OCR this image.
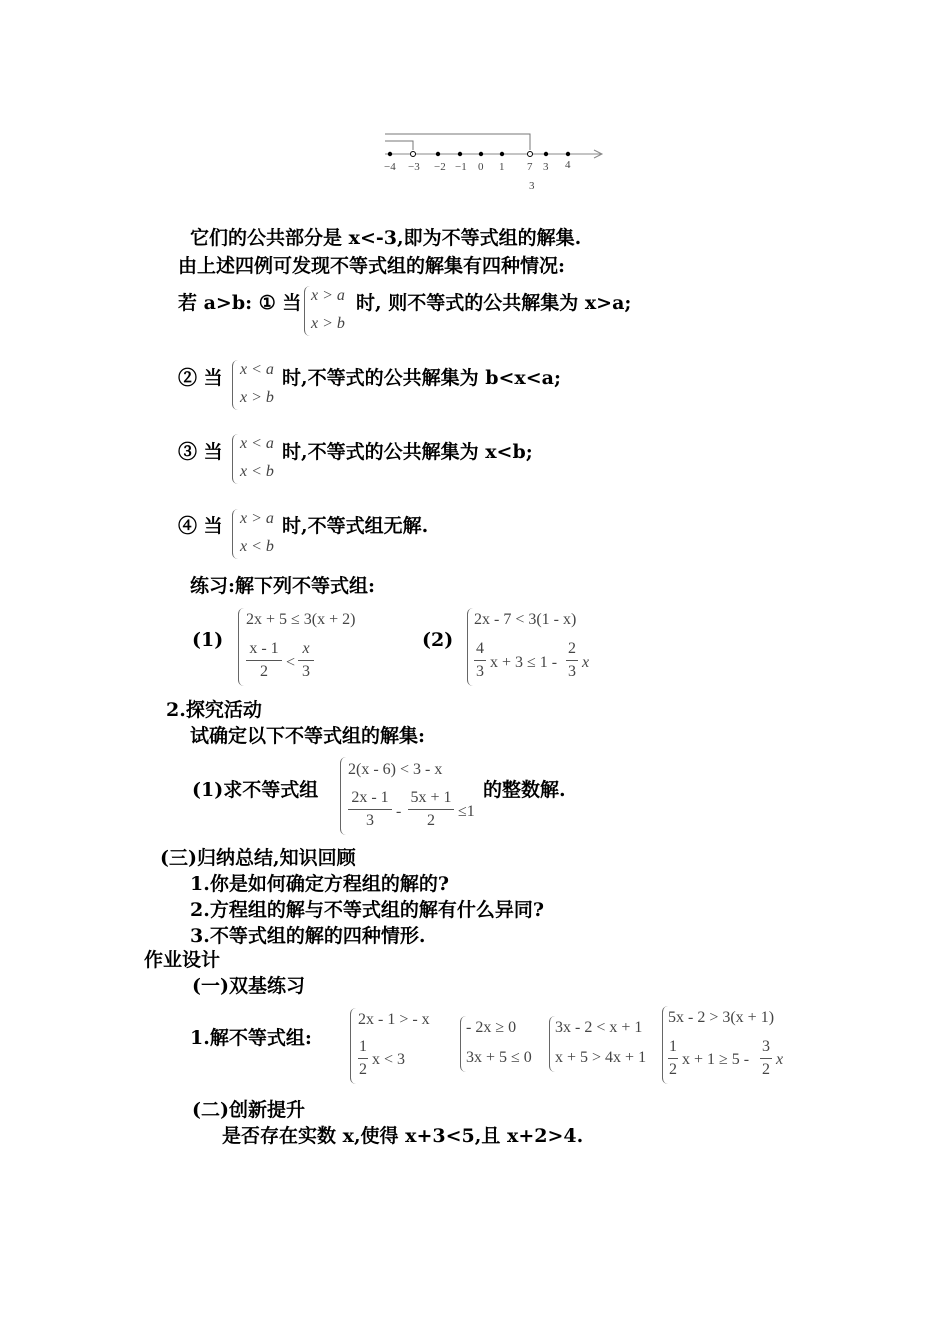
−4 −3 −2 −1 0 1 7 3 4
3
它们的公共部分是 x<-3,即为不等式组的解集.
由上述四例可发现不等式组的解集有四种情况:
若 a>b: ① 当 x > a
x > b
时, 则不等式的公共解集为 x>a;
② 当 x < a
x > b
时,不等式的公共解集为 b<x<a;
③ 当 x < a
x < b
时,不等式的公共解集为 x<b;
④ 当 x > a
x < b
时,不等式组无解.
练习:解下列不等式组:
(1)
2x + 5 ≤ 3(x + 2)
x - 1
2
<
x
3
(2)
2x - 7 < 3(1 - x)
4
3
x + 3 ≤ 1 -
2
3
x
2.探究活动
试确定以下不等式组的解集:
(1)求不等式组
2(x - 6) < 3 - x
2x - 1
3
-
5x + 1
2
≤1
的整数解.
(三)归纳总结,知识回顾
1.你是如何确定方程组的解的?
2.方程组的解与不等式组的解有什么异同?
3.不等式组的解的四种情形.
作业设计
(一)双基练习
1.解不等式组:
2x - 1 > - x
1
2
x < 3
- 2x ≥ 0
3x + 5 ≤ 0
3x - 2 < x + 1
x + 5 > 4x + 1
5x - 2 > 3(x + 1)
1
2
x + 1 ≥ 5 -
3
2
x
(二)创新提升
是否存在实数 x,使得 x+3<5,且 x+2>4.
